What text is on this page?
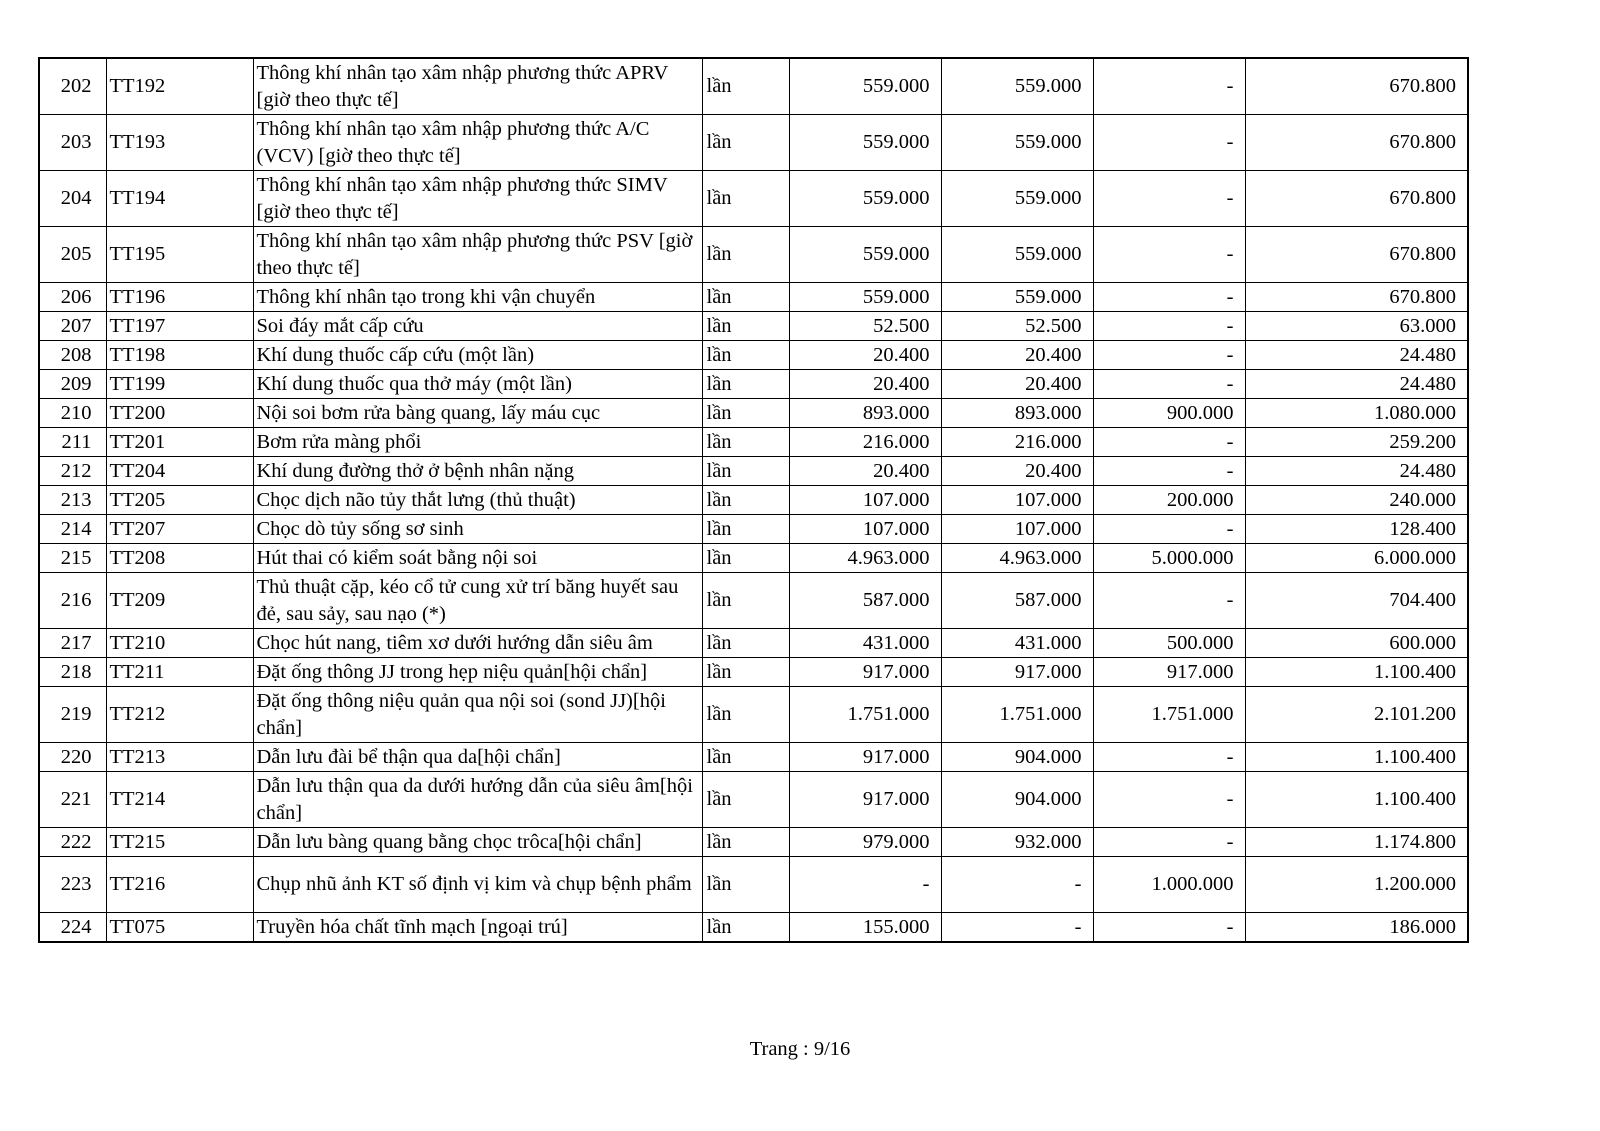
202	TT192	Thông khí nhân tạo xâm nhập phương thức APRV [giờ theo thực tế]	lần	559.000	559.000	-	670.800
203	TT193	Thông khí nhân tạo xâm nhập phương thức A/C (VCV) [giờ theo thực tế]	lần	559.000	559.000	-	670.800
204	TT194	Thông khí nhân tạo xâm nhập phương thức SIMV [giờ theo thực tế]	lần	559.000	559.000	-	670.800
205	TT195	Thông khí nhân tạo xâm nhập phương thức PSV [giờ theo thực tế]	lần	559.000	559.000	-	670.800
206	TT196	Thông khí nhân tạo trong khi vận chuyển	lần	559.000	559.000	-	670.800
207	TT197	Soi đáy mắt cấp cứu	lần	52.500	52.500	-	63.000
208	TT198	Khí dung thuốc cấp cứu (một lần)	lần	20.400	20.400	-	24.480
209	TT199	Khí dung thuốc qua thở máy (một lần)	lần	20.400	20.400	-	24.480
210	TT200	Nội soi bơm rửa bàng quang, lấy máu cục	lần	893.000	893.000	900.000	1.080.000
211	TT201	Bơm rửa màng phổi	lần	216.000	216.000	-	259.200
212	TT204	Khí dung đường thở ở bệnh nhân nặng	lần	20.400	20.400	-	24.480
213	TT205	Chọc dịch não tủy thắt lưng (thủ thuật)	lần	107.000	107.000	200.000	240.000
214	TT207	Chọc dò tủy sống sơ sinh	lần	107.000	107.000	-	128.400
215	TT208	Hút thai có kiểm soát bằng nội soi	lần	4.963.000	4.963.000	5.000.000	6.000.000
216	TT209	Thủ thuật cặp, kéo cổ tử cung xử trí băng huyết sau đẻ, sau sảy, sau nạo (*)	lần	587.000	587.000	-	704.400
217	TT210	Chọc hút nang, tiêm xơ dưới hướng dẫn siêu âm	lần	431.000	431.000	500.000	600.000
218	TT211	Đặt ống thông JJ trong hẹp niệu quản[hội chẩn]	lần	917.000	917.000	917.000	1.100.400
219	TT212	Đặt ống thông niệu quản qua nội soi (sond JJ)[hội chẩn]	lần	1.751.000	1.751.000	1.751.000	2.101.200
220	TT213	Dẫn lưu đài bể thận qua da[hội chẩn]	lần	917.000	904.000	-	1.100.400
221	TT214	Dẫn lưu thận qua da dưới hướng dẫn của siêu âm[hội chẩn]	lần	917.000	904.000	-	1.100.400
222	TT215	Dẫn lưu bàng quang bằng chọc trôca[hội chẩn]	lần	979.000	932.000	-	1.174.800
223	TT216	Chụp nhũ ảnh KT số định vị kim và chụp bệnh phẩm	lần	-	-	1.000.000	1.200.000
224	TT075	Truyền hóa chất tĩnh mạch [ngoại trú]	lần	155.000	-	-	186.000
Trang : 9/16
